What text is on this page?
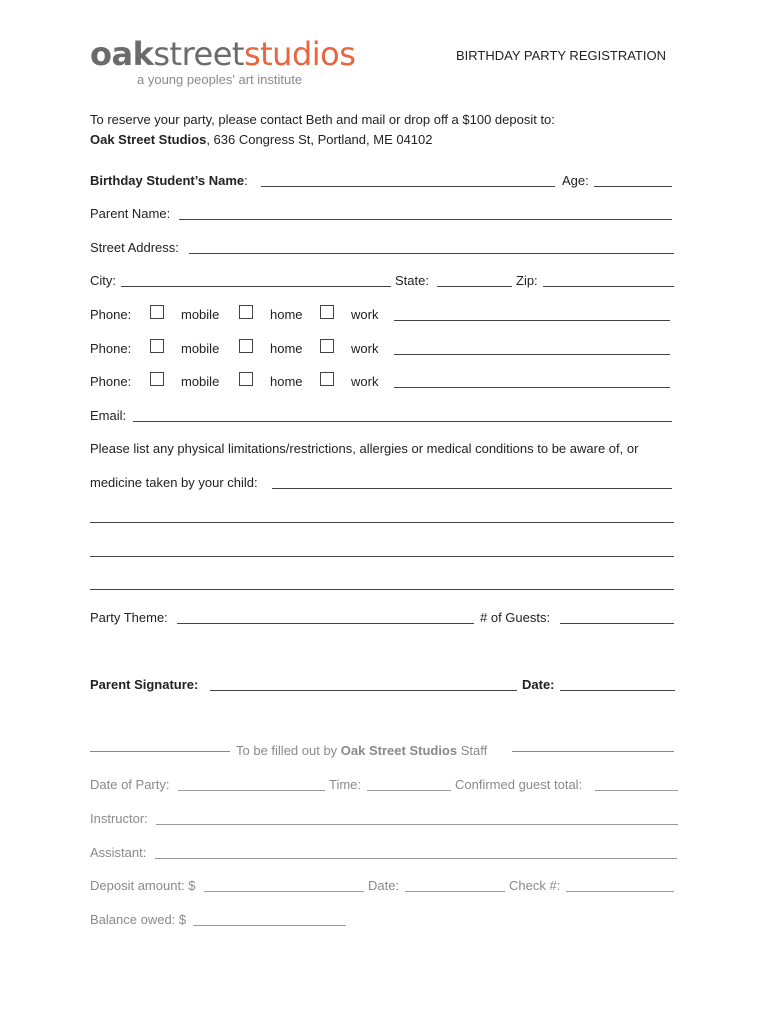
oakstreetstudios
a young peoples' art institute
BIRTHDAY PARTY REGISTRATION
To reserve your party, please contact Beth and mail or drop off a $100 deposit to:
Oak Street Studios, 636 Congress St, Portland, ME 04102
Birthday Student’s Name:	Age:
Parent Name:
Street Address:
City:	State:	Zip:
Phone:	mobile	home	work
Phone:	mobile	home	work
Phone:	mobile	home	work
Email:
Please list any physical limitations/restrictions, allergies or medical conditions to be aware of, or
medicine taken by your child:
Party Theme:	# of Guests:
Parent Signature:	Date:
To be filled out by Oak Street Studios Staff
Date of Party:	Time:	Confirmed guest total:
Instructor:
Assistant:
Deposit amount: $	Date:	Check #:
Balance owed: $
